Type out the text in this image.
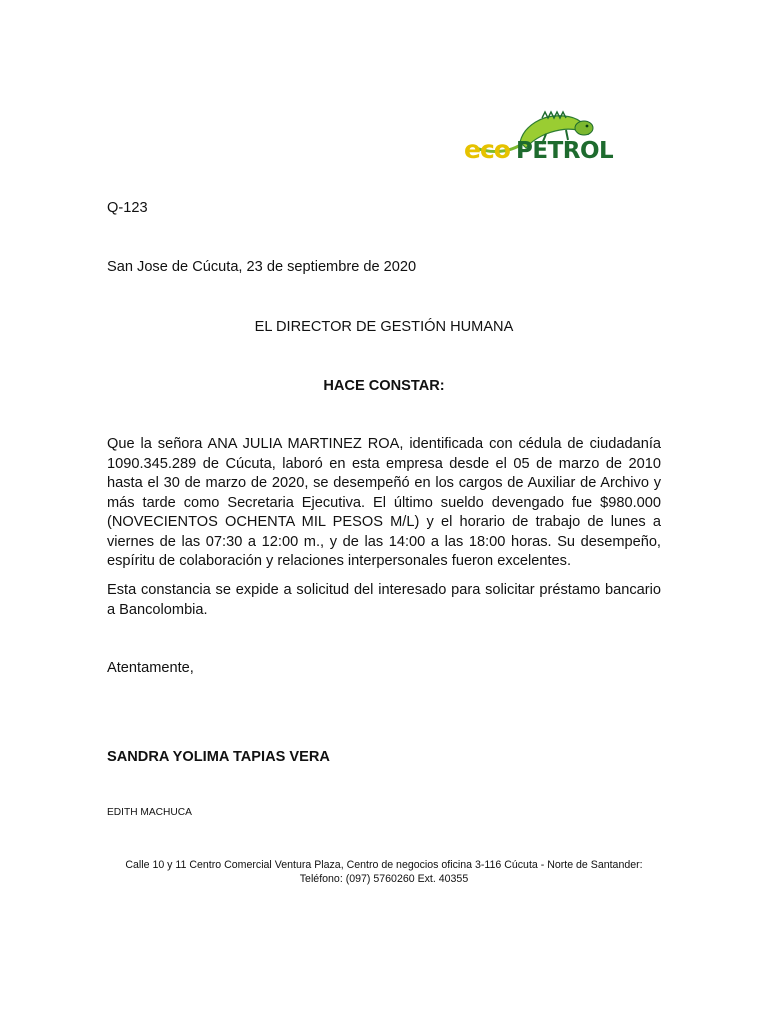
eco PETROL

Q-123

San Jose de Cúcuta, 23 de septiembre de 2020

EL DIRECTOR DE GESTIÓN HUMANA

HACE CONSTAR:

Que la señora ANA JULIA MARTINEZ ROA, identificada con cédula de ciudadanía 1090.345.289 de Cúcuta, laboró en esta empresa desde el 05 de marzo de 2010 hasta el 30 de marzo de 2020, se desempeñó en los cargos de Auxiliar de Archivo y más tarde como Secretaria Ejecutiva. El último sueldo devengado fue $980.000 (NOVECIENTOS OCHENTA MIL PESOS M/L) y el horario de trabajo de lunes a viernes de las 07:30 a 12:00 m., y de las 14:00 a las 18:00 horas. Su desempeño, espíritu de colaboración y relaciones interpersonales fueron excelentes.

Esta constancia se expide a solicitud del interesado para solicitar préstamo bancario a Bancolombia.

Atentamente,

SANDRA YOLIMA TAPIAS VERA

EDITH MACHUCA

Calle 10 y 11 Centro Comercial Ventura Plaza, Centro de negocios oficina 3-116 Cúcuta - Norte de Santander:
Teléfono: (097) 5760260 Ext. 40355
